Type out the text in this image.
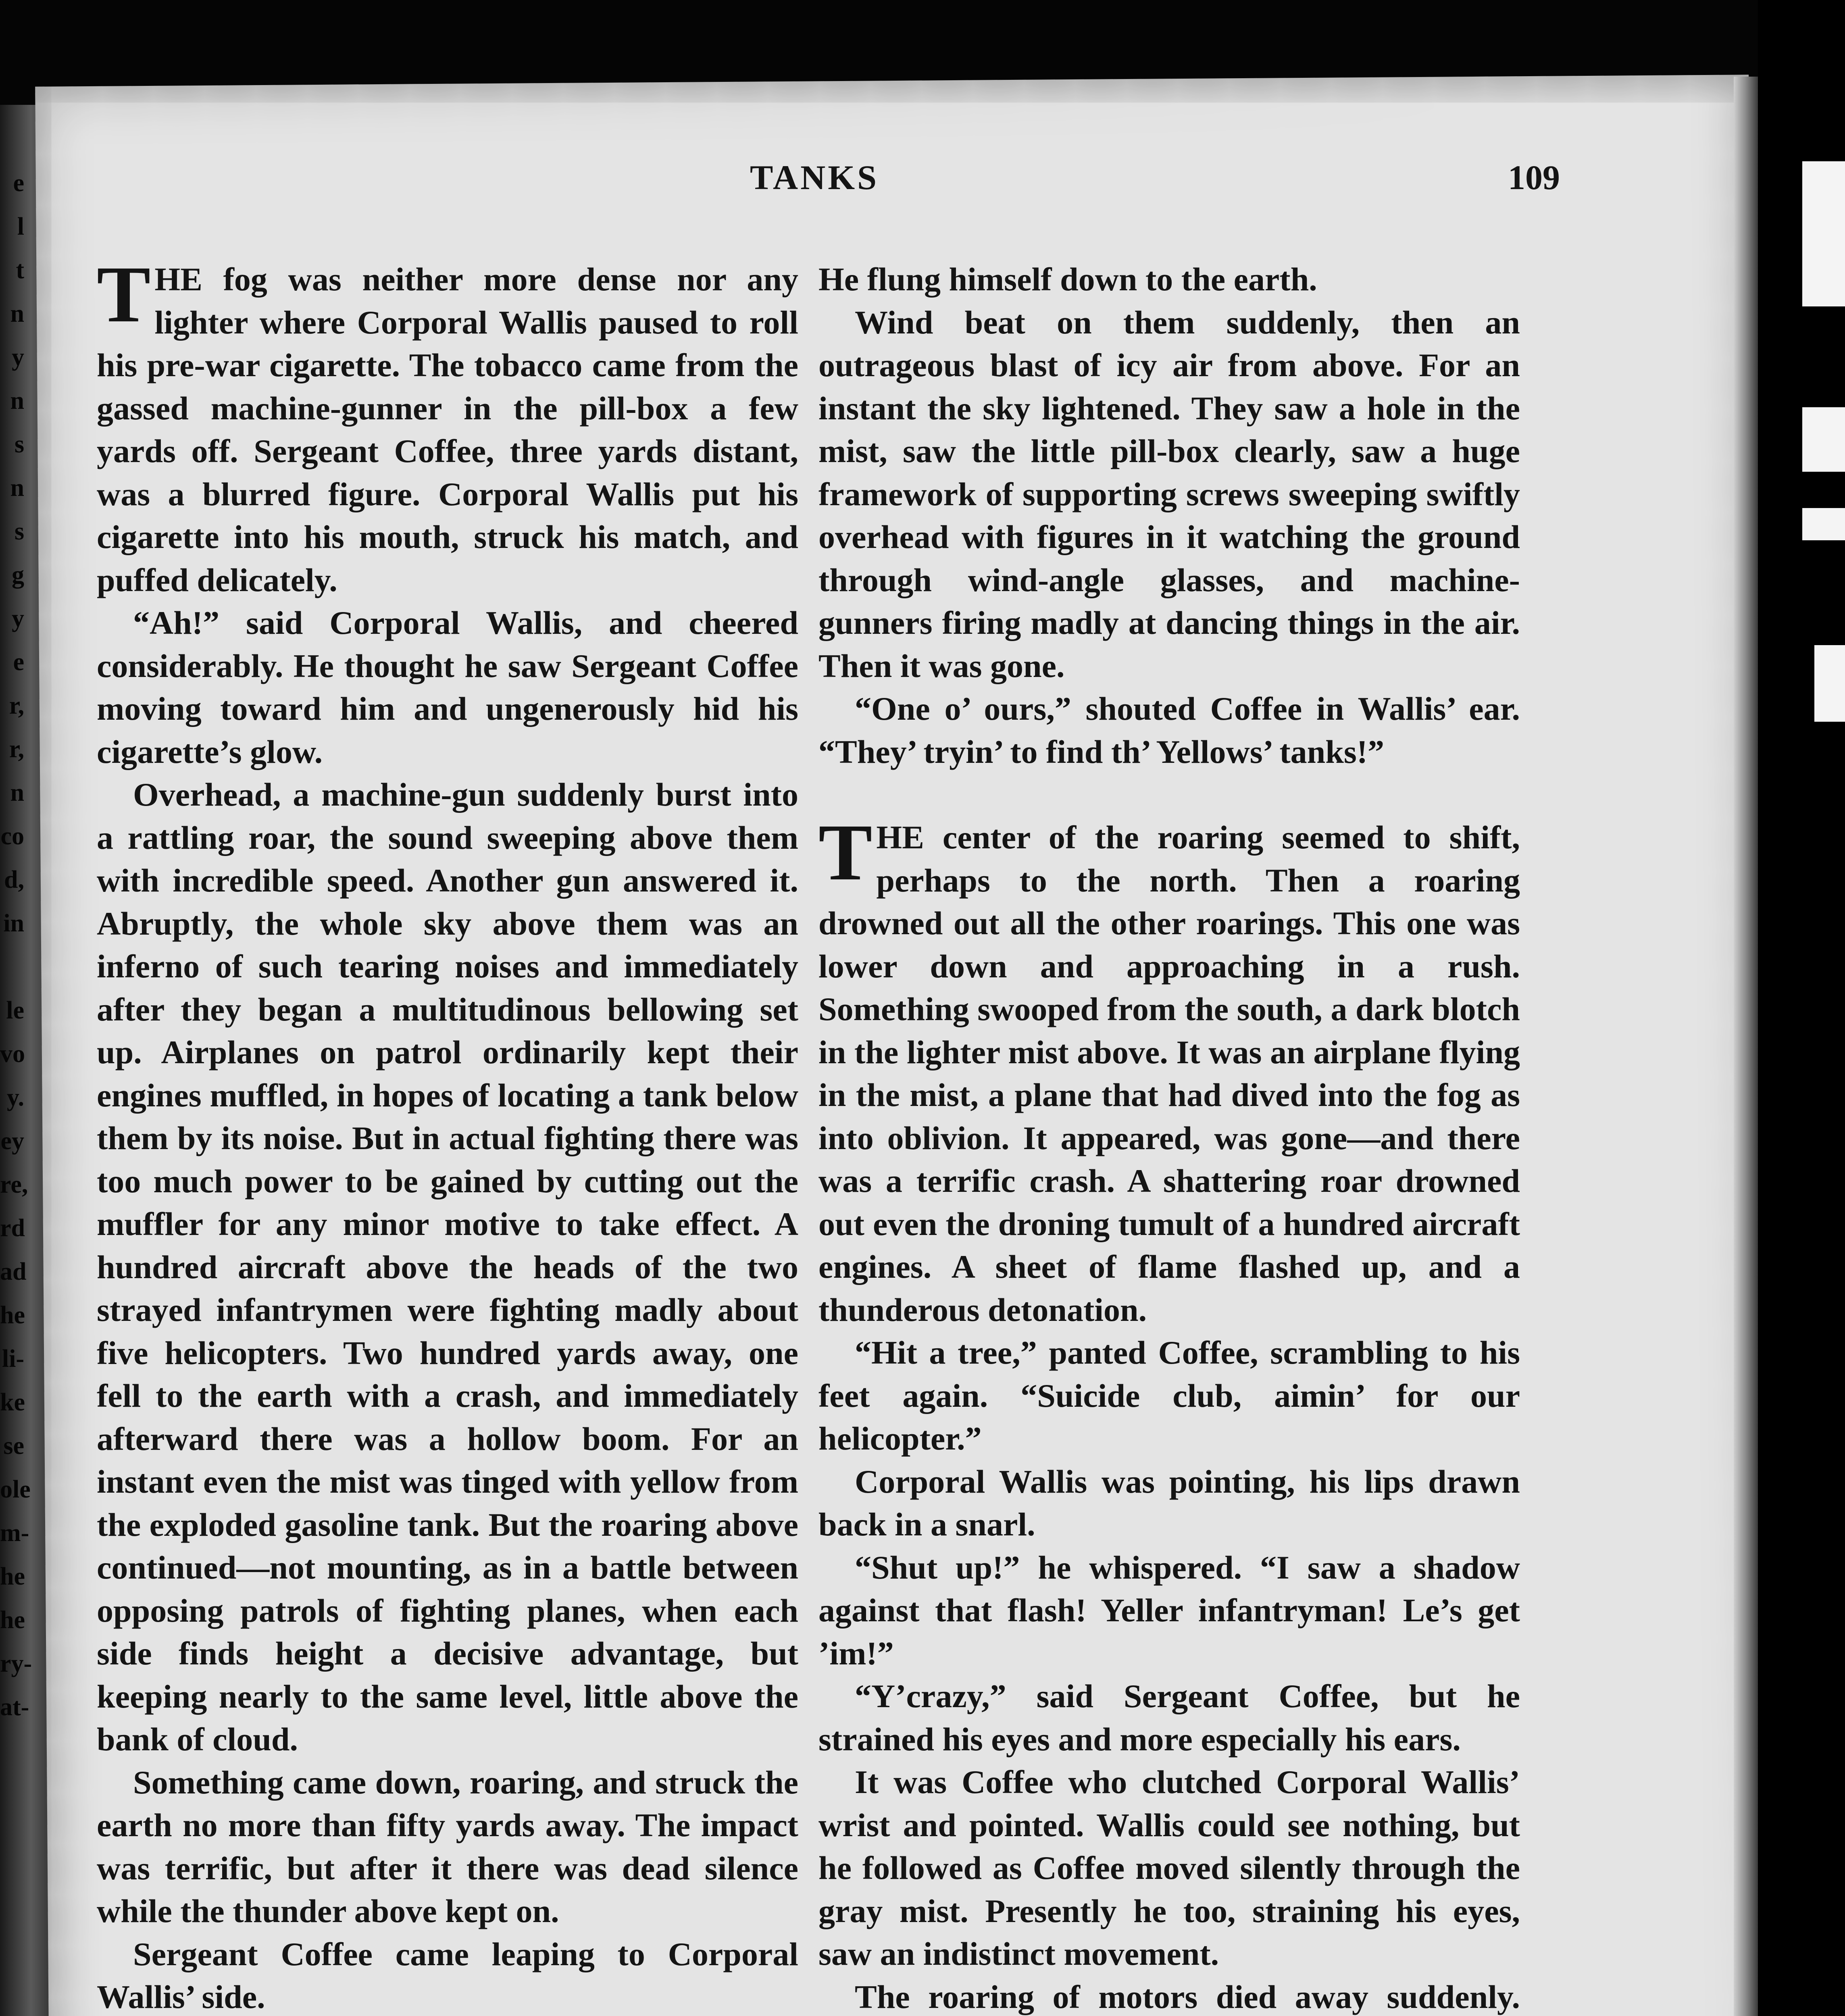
e
l
t
n
y
n
s
n
s
g
y
e
r,
r,
n
co
d,
in

le
vo
y.
ey
re,
rd
ad
he
li-
ke
se
ole
m-
he
he
ry-
at-
TANKS	109

THE fog was neither more dense nor any lighter where Corporal Wallis paused to roll his pre-war cigarette. The tobacco came from the gassed machine-gunner in the pill-box a few yards off. Sergeant Coffee, three yards distant, was a blurred figure. Corporal Wallis put his cigarette into his mouth, struck his match, and puffed delicately.

“Ah!” said Corporal Wallis, and cheered considerably. He thought he saw Sergeant Coffee moving toward him and ungenerously hid his cigarette’s glow.

Overhead, a machine-gun suddenly burst into a rattling roar, the sound sweeping above them with incredible speed. Another gun answered it. Abruptly, the whole sky above them was an inferno of such tearing noises and immediately after they began a multitudinous bellowing set up. Airplanes on patrol ordinarily kept their engines muffled, in hopes of locating a tank below them by its noise. But in actual fighting there was too much power to be gained by cutting out the muffler for any minor motive to take effect. A hundred aircraft above the heads of the two strayed infantrymen were fighting madly about five helicopters. Two hundred yards away, one fell to the earth with a crash, and immediately afterward there was a hollow boom. For an instant even the mist was tinged with yellow from the exploded gasoline tank. But the roaring above continued—not mounting, as in a battle between opposing patrols of fighting planes, when each side finds height a decisive advantage, but keeping nearly to the same level, little above the bank of cloud.

Something came down, roaring, and struck the earth no more than fifty yards away. The impact was terrific, but after it there was dead silence while the thunder above kept on.

Sergeant Coffee came leaping to Corporal Wallis’ side.

He flung himself down to the earth.

Wind beat on them suddenly, then an outrageous blast of icy air from above. For an instant the sky lightened. They saw a hole in the mist, saw the little pill-box clearly, saw a huge framework of supporting screws sweeping swiftly overhead with figures in it watching the ground through wind-angle glasses, and machine-gunners firing madly at dancing things in the air. Then it was gone.

“One o’ ours,” shouted Coffee in Wallis’ ear. “They’ tryin’ to find th’ Yellows’ tanks!”

THE center of the roaring seemed to shift, perhaps to the north. Then a roaring drowned out all the other roarings. This one was lower down and approaching in a rush. Something swooped from the south, a dark blotch in the lighter mist above. It was an airplane flying in the mist, a plane that had dived into the fog as into oblivion. It appeared, was gone—and there was a terrific crash. A shattering roar drowned out even the droning tumult of a hundred aircraft engines. A sheet of flame flashed up, and a thunderous detonation.

“Hit a tree,” panted Coffee, scrambling to his feet again. “Suicide club, aimin’ for our helicopter.”

Corporal Wallis was pointing, his lips drawn back in a snarl.

“Shut up!” he whispered. “I saw a shadow against that flash! Yeller infantryman! Le’s get ’im!”

“Y’crazy,” said Sergeant Coffee, but he strained his eyes and more especially his ears.

It was Coffee who clutched Corporal Wallis’ wrist and pointed. Wallis could see nothing, but he followed as Coffee moved silently through the gray mist. Presently he too, straining his eyes, saw an indistinct movement.

The roaring of motors died away suddenly.
